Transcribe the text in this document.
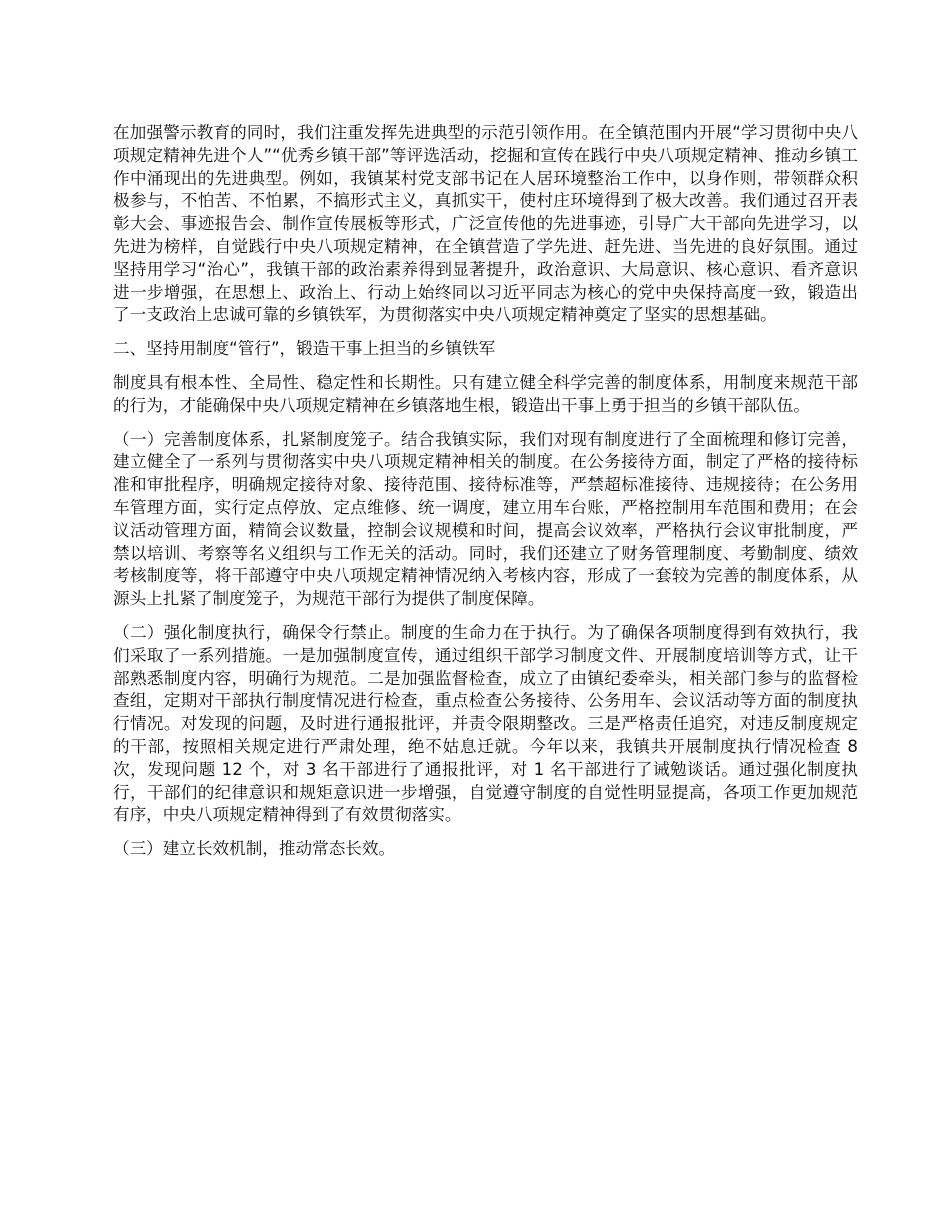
在加强警示教育的同时，我们注重发挥先进典型的示范引领作用。在全镇范围内开展“学习贯彻中央八项规定精神先进个人”“优秀乡镇干部”等评选活动，挖掘和宣传在践行中央八项规定精神、推动乡镇工作中涌现出的先进典型。例如，我镇某村党支部书记在人居环境整治工作中，以身作则，带领群众积极参与，不怕苦、不怕累，不搞形式主义，真抓实干，使村庄环境得到了极大改善。我们通过召开表彰大会、事迹报告会、制作宣传展板等形式，广泛宣传他的先进事迹，引导广大干部向先进学习，以先进为榜样，自觉践行中央八项规定精神，在全镇营造了学先进、赶先进、当先进的良好氛围。通过坚持用学习“治心”，我镇干部的政治素养得到显著提升，政治意识、大局意识、核心意识、看齐意识进一步增强，在思想上、政治上、行动上始终同以习近平同志为核心的党中央保持高度一致，锻造出了一支政治上忠诚可靠的乡镇铁军，为贯彻落实中央八项规定精神奠定了坚实的思想基础。

二、坚持用制度“管行”，锻造干事上担当的乡镇铁军

制度具有根本性、全局性、稳定性和长期性。只有建立健全科学完善的制度体系，用制度来规范干部的行为，才能确保中央八项规定精神在乡镇落地生根，锻造出干事上勇于担当的乡镇干部队伍。

（一）完善制度体系，扎紧制度笼子。结合我镇实际，我们对现有制度进行了全面梳理和修订完善，建立健全了一系列与贯彻落实中央八项规定精神相关的制度。在公务接待方面，制定了严格的接待标准和审批程序，明确规定接待对象、接待范围、接待标准等，严禁超标准接待、违规接待；在公务用车管理方面，实行定点停放、定点维修、统一调度，建立用车台账，严格控制用车范围和费用；在会议活动管理方面，精简会议数量，控制会议规模和时间，提高会议效率，严格执行会议审批制度，严禁以培训、考察等名义组织与工作无关的活动。同时，我们还建立了财务管理制度、考勤制度、绩效考核制度等，将干部遵守中央八项规定精神情况纳入考核内容，形成了一套较为完善的制度体系，从源头上扎紧了制度笼子，为规范干部行为提供了制度保障。

（二）强化制度执行，确保令行禁止。制度的生命力在于执行。为了确保各项制度得到有效执行，我们采取了一系列措施。一是加强制度宣传，通过组织干部学习制度文件、开展制度培训等方式，让干部熟悉制度内容，明确行为规范。二是加强监督检查，成立了由镇纪委牵头，相关部门参与的监督检查组，定期对干部执行制度情况进行检查，重点检查公务接待、公务用车、会议活动等方面的制度执行情况。对发现的问题，及时进行通报批评，并责令限期整改。三是严格责任追究，对违反制度规定的干部，按照相关规定进行严肃处理，绝不姑息迁就。今年以来，我镇共开展制度执行情况检查 8 次，发现问题 12 个，对 3 名干部进行了通报批评，对 1 名干部进行了诫勉谈话。通过强化制度执行，干部们的纪律意识和规矩意识进一步增强，自觉遵守制度的自觉性明显提高，各项工作更加规范有序，中央八项规定精神得到了有效贯彻落实。

（三）建立长效机制，推动常态长效。
